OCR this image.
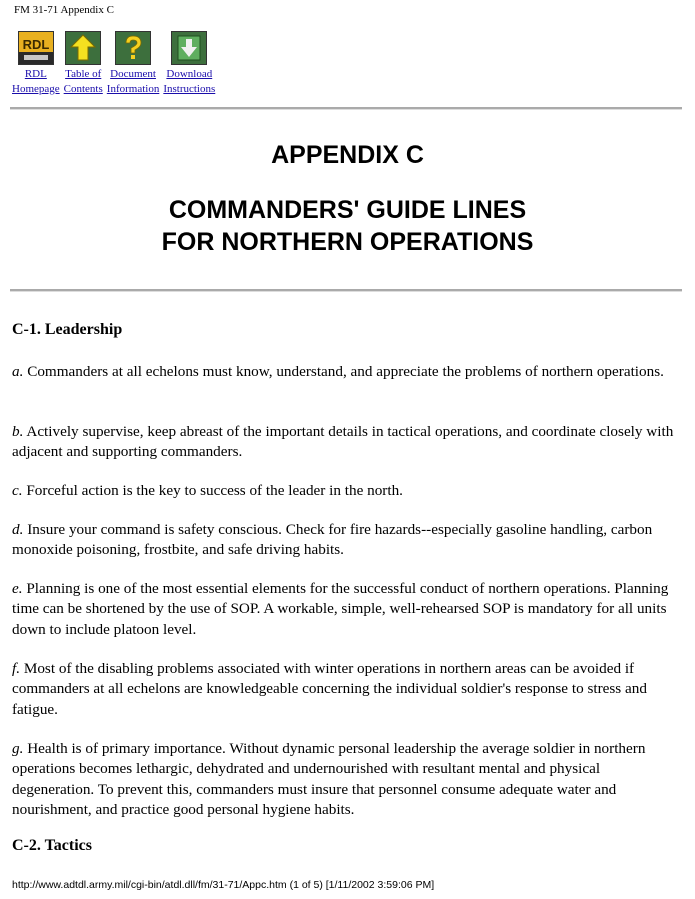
FM 31-71 Appendix C
RDL
RDL
Homepage
Table of
Contents
Document
Information
Download
Instructions
APPENDIX C
COMMANDERS' GUIDE LINES
FOR NORTHERN OPERATIONS
C-1. Leadership
a. Commanders at all echelons must know, understand, and appreciate the problems of northern operations.
b. Actively supervise, keep abreast of the important details in tactical operations, and coordinate closely with adjacent and supporting commanders.
c. Forceful action is the key to success of the leader in the north.
d. Insure your command is safety conscious. Check for fire hazards--especially gasoline handling, carbon monoxide poisoning, frostbite, and safe driving habits.
e. Planning is one of the most essential elements for the successful conduct of northern operations. Planning time can be shortened by the use of SOP. A workable, simple, well-rehearsed SOP is mandatory for all units down to include platoon level.
f. Most of the disabling problems associated with winter operations in northern areas can be avoided if commanders at all echelons are knowledgeable concerning the individual soldier's response to stress and fatigue.
g. Health is of primary importance. Without dynamic personal leadership the average soldier in northern operations becomes lethargic, dehydrated and undernourished with resultant mental and physical degeneration. To prevent this, commanders must insure that personnel consume adequate water and nourishment, and practice good personal hygiene habits.
C-2. Tactics
http://www.adtdl.army.mil/cgi-bin/atdl.dll/fm/31-71/Appc.htm (1 of 5) [1/11/2002 3:59:06 PM]
